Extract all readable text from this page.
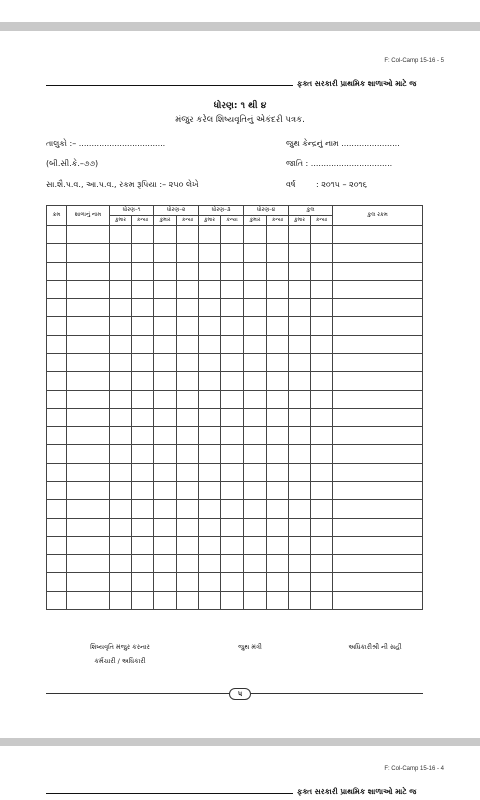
F: Col-Camp 15-16 - 5
ફક્ત સરકારી પ્રાથમિક શાળાઓ માટે જ
ધોરણ: ૧ થી ૪
મંજુર કરેલ શિષ્યવૃતિનું એકંદરી પત્રક.
તાલુકો :– ..................................	જુથ કેન્દ્રનું નામ .......................
(બી.સી.કે.–૭૭)	જાતિ : ................................
સા.શૈ.પ.વ., આ.પ.વ., રકમ રૂપિયા :– ૨૫૦ લેખે	વર્ષ	: ૨૦૧૫ – ૨૦૧૬
ક્રમ	શાળાનું નામ	ધોરણ–૧		ધોરણ–૨		ધોરણ–૩		ધોરણ–૪		કુલ		કુલ રકમ
		કુમાર	કન્યા	કુમાર	કન્યા	કુમાર	કન્યા	કુમાર	કન્યા	કુમાર	કન્યા	

શિષ્યવૃતિ મંજુર કરનાર
કર્મચારી / અધિકારી
જુથ મંત્રી	અધિકારીશ્રી ની સહી
૫
F: Col-Camp 15-16 - 4
ફક્ત સરકારી પ્રાથમિક શાળાઓ માટે જ
